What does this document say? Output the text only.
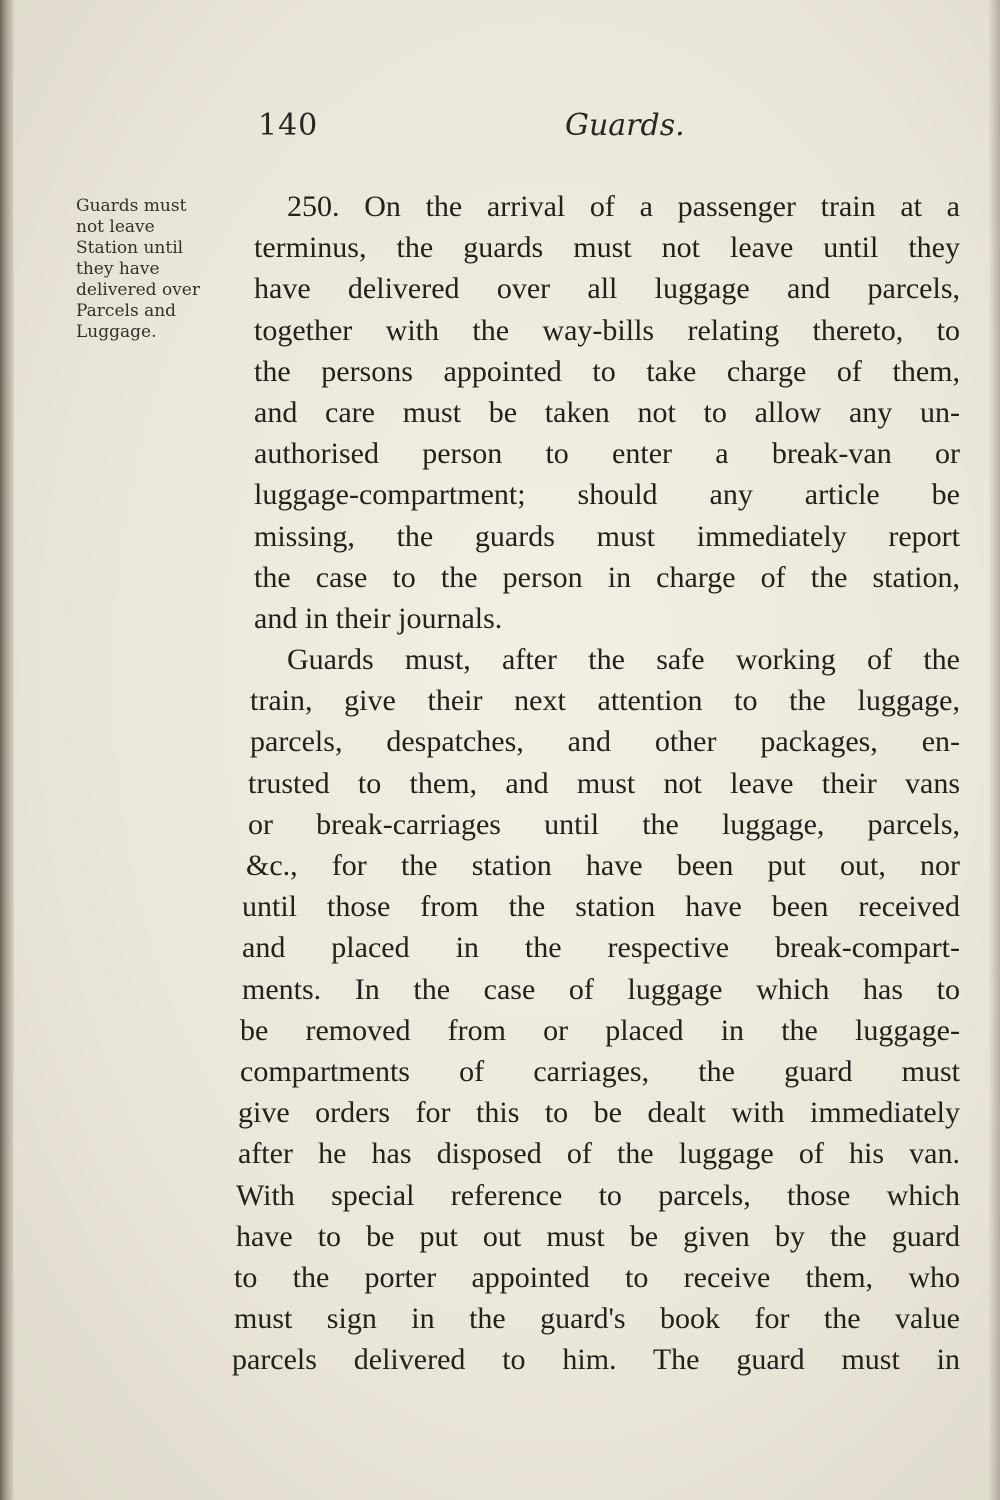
140	Guards.
Guards must
not leave
Station until
they have
delivered over
Parcels and
Luggage.
250. On the arrival of a passenger train at a
terminus, the guards must not leave until they
have delivered over all luggage and parcels,
together with the way-bills relating thereto, to
the persons appointed to take charge of them,
and care must be taken not to allow any un-
authorised person to enter a break-van or
luggage-compartment; should any article be
missing, the guards must immediately report
the case to the person in charge of the station,
and in their journals.
Guards must, after the safe working of the
train, give their next attention to the luggage,
parcels, despatches, and other packages, en-
trusted to them, and must not leave their vans
or break-carriages until the luggage, parcels,
&c., for the station have been put out, nor
until those from the station have been received
and placed in the respective break-compart-
ments. In the case of luggage which has to
be removed from or placed in the luggage-
compartments of carriages, the guard must
give orders for this to be dealt with immediately
after he has disposed of the luggage of his van.
With special reference to parcels, those which
have to be put out must be given by the guard
to the porter appointed to receive them, who
must sign in the guard's book for the value
parcels delivered to him. The guard must in
